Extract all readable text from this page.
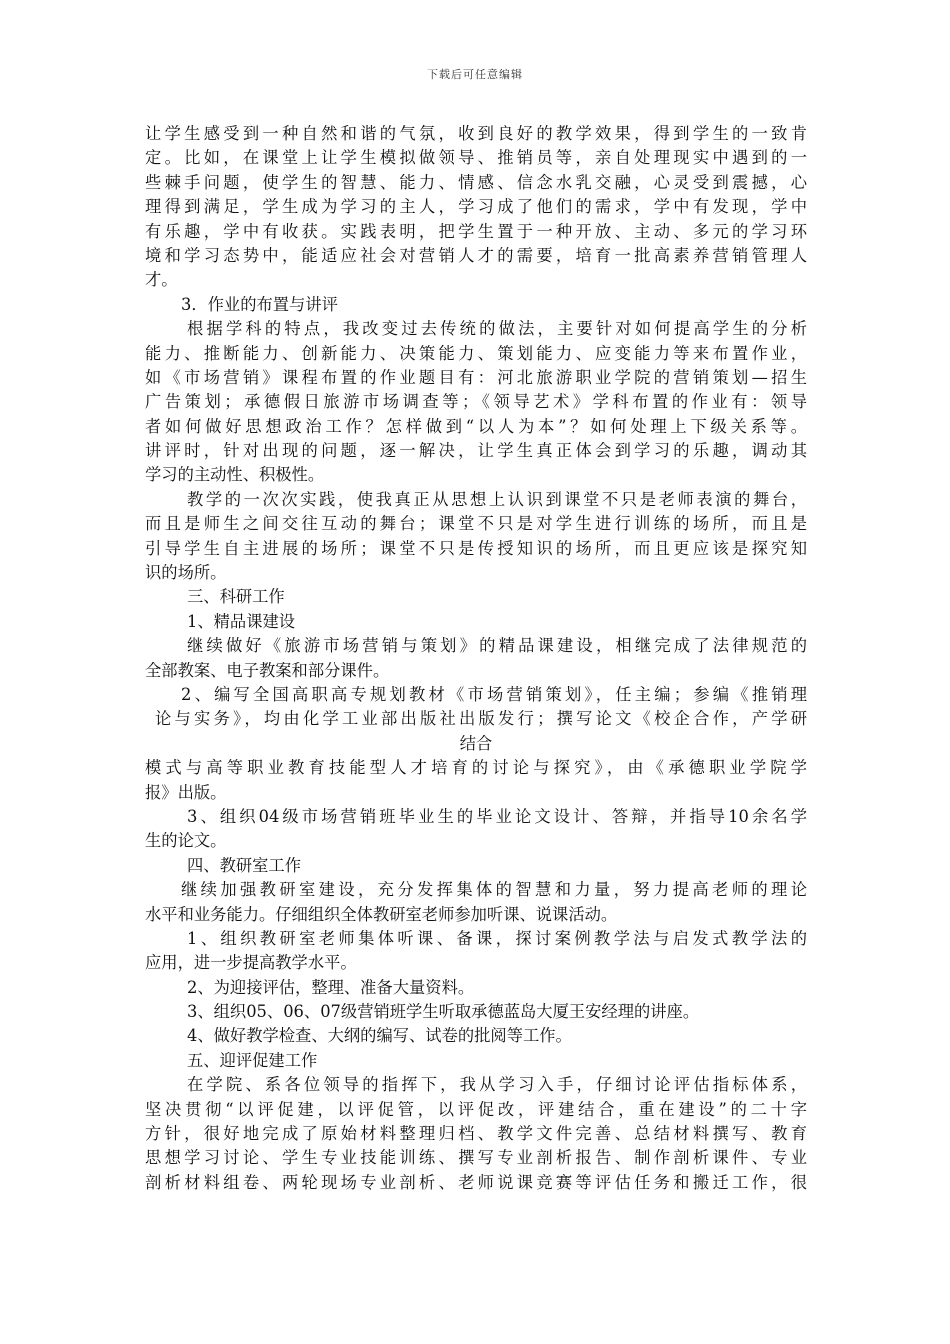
下载后可任意编辑
让学生感受到一种自然和谐的气氛，收到良好的教学效果，得到学生的一致肯
定。比如，在课堂上让学生模拟做领导、推销员等，亲自处理现实中遇到的一
些棘手问题，使学生的智慧、能力、情感、信念水乳交融，心灵受到震撼，心
理得到满足，学生成为学习的主人，学习成了他们的需求，学中有发现，学中
有乐趣，学中有收获。实践表明，把学生置于一种开放、主动、多元的学习环
境和学习态势中，能适应社会对营销人才的需要，培育一批高素养营销管理人
才。
3．作业的布置与讲评
根据学科的特点，我改变过去传统的做法，主要针对如何提高学生的分析
能力、推断能力、创新能力、决策能力、策划能力、应变能力等来布置作业，
如《市场营销》课程布置的作业题目有：河北旅游职业学院的营销策划—招生
广告策划；承德假日旅游市场调查等；《领导艺术》学科布置的作业有：领导
者如何做好思想政治工作？怎样做到“以人为本”？如何处理上下级关系等。
讲评时，针对出现的问题，逐一解决，让学生真正体会到学习的乐趣，调动其
学习的主动性、积极性。
教学的一次次实践，使我真正从思想上认识到课堂不只是老师表演的舞台，
而且是师生之间交往互动的舞台；课堂不只是对学生进行训练的场所，而且是
引导学生自主进展的场所；课堂不只是传授知识的场所，而且更应该是探究知
识的场所。
三、科研工作
1、精品课建设
继续做好《旅游市场营销与策划》的精品课建设，相继完成了法律规范的
全部教案、电子教案和部分课件。
2、编写全国高职高专规划教材《市场营销策划》，任主编；参编《推销理
论与实务》，均由化学工业部出版社出版发行；撰写论文《校企合作，产学研
结合
模式与高等职业教育技能型人才培育的讨论与探究》，由《承德职业学院学
报》出版。
3、组织04级市场营销班毕业生的毕业论文设计、答辩，并指导10余名学
生的论文。
四、教研室工作
继续加强教研室建设，充分发挥集体的智慧和力量，努力提高老师的理论
水平和业务能力。仔细组织全体教研室老师参加听课、说课活动。
1、组织教研室老师集体听课、备课，探讨案例教学法与启发式教学法的
应用，进一步提高教学水平。
2、为迎接评估，整理、准备大量资料。
3、组织05、06、07级营销班学生听取承德蓝岛大厦王安经理的讲座。
4、做好教学检查、大纲的编写、试卷的批阅等工作。
五、迎评促建工作
在学院、系各位领导的指挥下，我从学习入手，仔细讨论评估指标体系，
坚决贯彻“以评促建，以评促管，以评促改，评建结合，重在建设”的二十字
方针，很好地完成了原始材料整理归档、教学文件完善、总结材料撰写、教育
思想学习讨论、学生专业技能训练、撰写专业剖析报告、制作剖析课件、专业
剖析材料组卷、两轮现场专业剖析、老师说课竞赛等评估任务和搬迁工作，很
